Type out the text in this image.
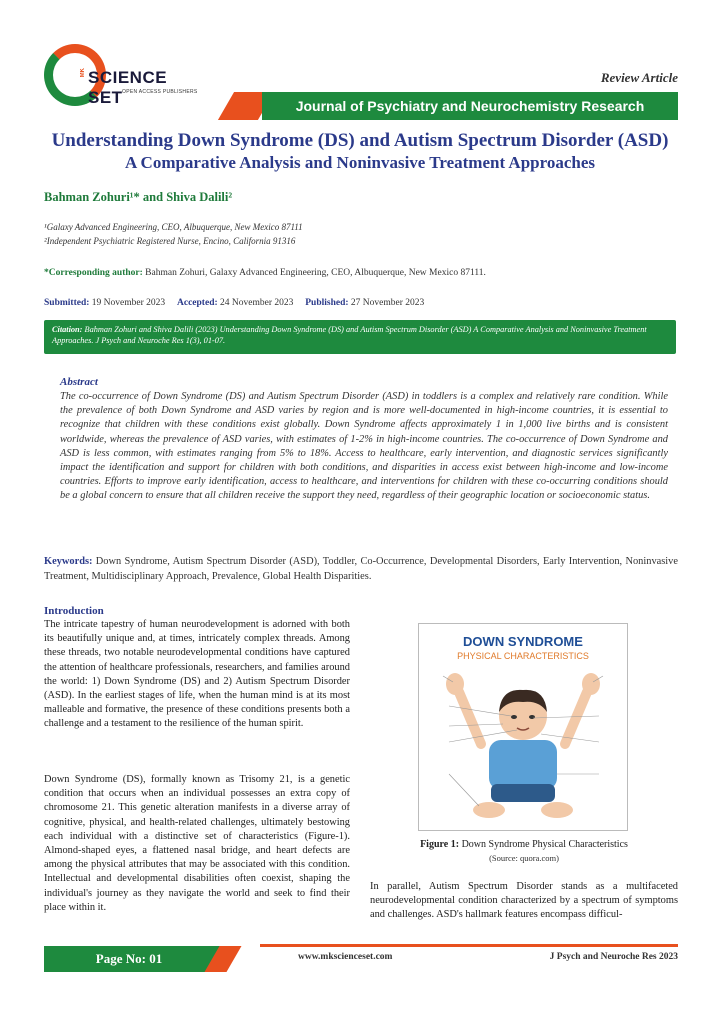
MK SCIENCE SET OPEN ACCESS PUBLISHERS
Review Article
Journal of Psychiatry and Neurochemistry Research
Understanding Down Syndrome (DS) and Autism Spectrum Disorder (ASD)
A Comparative Analysis and Noninvasive Treatment Approaches
Bahman Zohuri¹* and Shiva Dalili²
¹Galaxy Advanced Engineering, CEO, Albuquerque, New Mexico 87111
²Independent Psychiatric Registered Nurse, Encino, California 91316
*Corresponding author: Bahman Zohuri, Galaxy Advanced Engineering, CEO, Albuquerque, New Mexico 87111.
Submitted: 19 November 2023 Accepted: 24 November 2023 Published: 27 November 2023
Citation: Bahman Zohuri and Shiva Dalili (2023) Understanding Down Syndrome (DS) and Autism Spectrum Disorder (ASD) A Comparative Analysis and Noninvasive Treatment Approaches. J Psych and Neuroche Res 1(3), 01-07.
Abstract
The co-occurrence of Down Syndrome (DS) and Autism Spectrum Disorder (ASD) in toddlers is a complex and relatively rare condition. While the prevalence of both Down Syndrome and ASD varies by region and is more well-documented in high-income countries, it is essential to recognize that children with these conditions exist globally. Down Syndrome affects approximately 1 in 1,000 live births and is consistent worldwide, whereas the prevalence of ASD varies, with estimates of 1-2% in high-income countries. The co-occurrence of Down Syndrome and ASD is less common, with estimates ranging from 5% to 18%. Access to healthcare, early intervention, and diagnostic services significantly impact the identification and support for children with both conditions, and disparities in access exist between high-income and low-income countries. Efforts to improve early identification, access to healthcare, and interventions for children with these co-occurring conditions should be a global concern to ensure that all children receive the support they need, regardless of their geographic location or socioeconomic status.
Keywords: Down Syndrome, Autism Spectrum Disorder (ASD), Toddler, Co-Occurrence, Developmental Disorders, Early Intervention, Noninvasive Treatment, Multidisciplinary Approach, Prevalence, Global Health Disparities.
Introduction
The intricate tapestry of human neurodevelopment is adorned with both its beautifully unique and, at times, intricately complex threads. Among these threads, two notable neurodevelopmental conditions have captured the attention of healthcare professionals, researchers, and families around the world: 1) Down Syndrome (DS) and 2) Autism Spectrum Disorder (ASD). In the earliest stages of life, when the human mind is at its most malleable and formative, the presence of these conditions presents both a challenge and a testament to the resilience of the human spirit.
Down Syndrome (DS), formally known as Trisomy 21, is a genetic condition that occurs when an individual possesses an extra copy of chromosome 21. This genetic alteration manifests in a diverse array of cognitive, physical, and health-related challenges, ultimately bestowing each individual with a distinctive set of characteristics (Figure-1). Almond-shaped eyes, a flattened nasal bridge, and heart defects are among the physical attributes that may be associated with this condition. Intellectual and developmental disabilities often coexist, shaping the individual's journey as they navigate the world and seek to find their place within it.
In parallel, Autism Spectrum Disorder stands as a multifaceted neurodevelopmental condition characterized by a spectrum of symptoms and challenges. ASD's hallmark features encompass difficul-
DOWN SYNDROME
PHYSICAL CHARACTERISTICS
Figure 1: Down Syndrome Physical Characteristics
(Source: quora.com)
Page No: 01	www.mkscienceset.com	J Psych and Neuroche Res 2023
